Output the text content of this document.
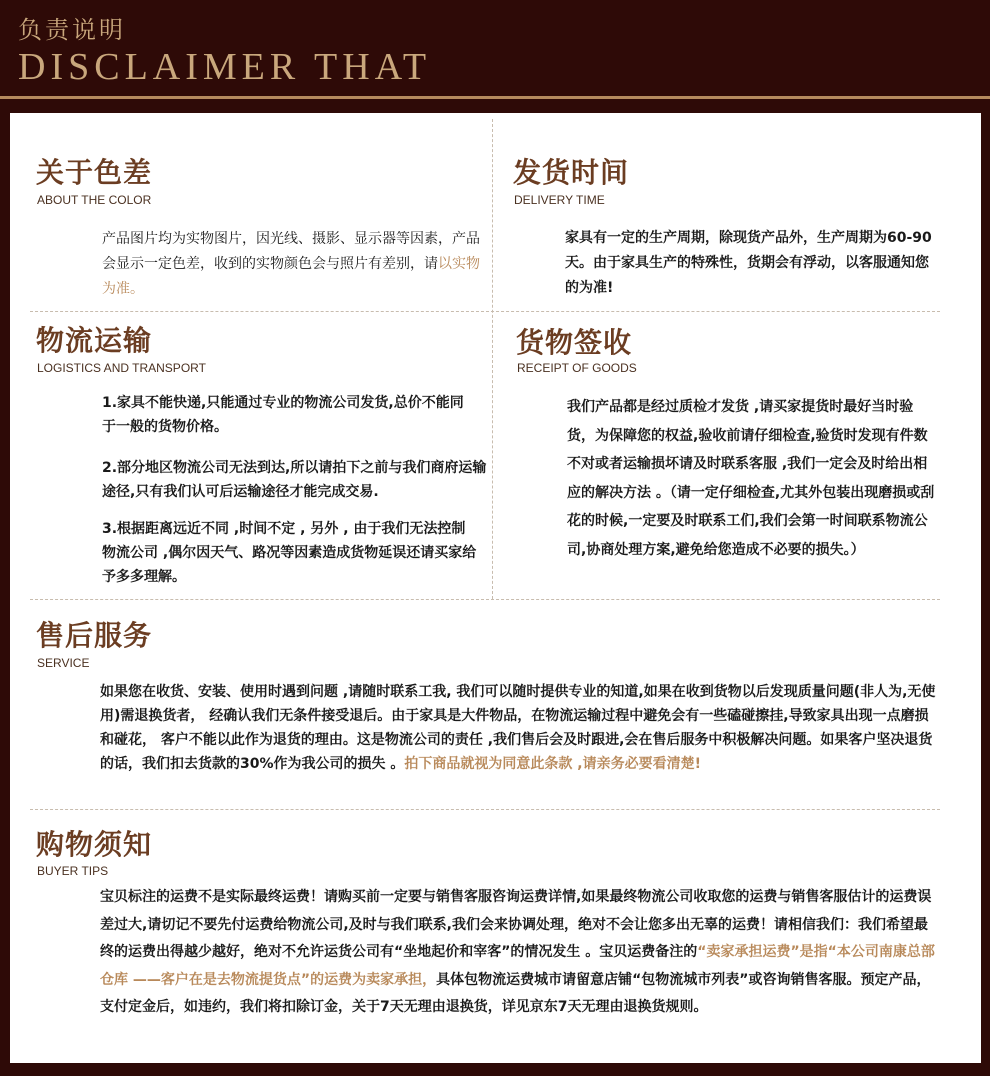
负责说明
DISCLAIMER THAT
关于色差
ABOUT THE COLOR

产品图片均为实物图片，因光线、摄影、显示器等因素，产品会显示一定色差，收到的实物颜色会与照片有差别，请以实物为准。

发货时间
DELIVERY TIME

家具有一定的生产周期，除现货产品外，生产周期为60-90天。由于家具生产的特殊性，货期会有浮动，以客服通知您的为准!

物流运输
LOGISTICS AND TRANSPORT

1.家具不能快递,只能通过专业的物流公司发货,总价不能同于一般的货物价格。

2.部分地区物流公司无法到达,所以请拍下之前与我们商府运输途径,只有我们认可后运输途径才能完成交易.

3.根据距离远近不同 ,时间不定 , 另外 , 由于我们无法控制物流公司 ,偶尔因天气、路况等因素造成货物延误还请买家给予多多理解。

货物签收
RECEIPT OF GOODS

我们产品都是经过质检才发货 ,请买家提货时最好当时验货，为保障您的权益,验收前请仔细检查,验货时发现有件数不对或者运输损坏请及时联系客服 ,我们一定会及时给出相应的解决方法 。（请一定仔细检查,尤其外包装出现磨损或刮花的时候,一定要及时联系工们,我们会第一时间联系物流公司,协商处理方案,避免给您造成不必要的损失。）

售后服务
SERVICE

如果您在收货、安装、使用时遇到问题 ,请随时联系工我, 我们可以随时提供专业的知道,如果在收到货物以后发现质量问题(非人为,无使用)需退换货者， 经确认我们无条件接受退后。由于家具是大件物品，在物流运输过程中避免会有一些磕碰擦挂,导致家具出现一点磨损和碰花， 客户不能以此作为退货的理由。这是物流公司的责任 ,我们售后会及时跟进,会在售后服务中积极解决问题。如果客户坚决退货的话，我们扣去货款的30%作为我公司的损失 。拍下商品就视为同意此条款 ,请亲务必要看清楚!

购物须知
BUYER TIPS

宝贝标注的运费不是实际最终运费！请购买前一定要与销售客服咨询运费详情,如果最终物流公司收取您的运费与销售客服估计的运费误差过大,请切记不要先付运费给物流公司,及时与我们联系,我们会来协调处理，绝对不会让您多出无辜的运费！请相信我们：我们希望最终的运费出得越少越好，绝对不允许运货公司有“坐地起价和宰客”的情况发生 。宝贝运费备注的“卖家承担运费”是指“本公司南康总部仓库 ——客户在是去物流提货点”的运费为卖家承担，具体包物流运费城市请留意店铺“包物流城市列表”或咨询销售客服。预定产品，支付定金后，如违约，我们将扣除订金，关于7天无理由退换货，详见京东7天无理由退换货规则。
